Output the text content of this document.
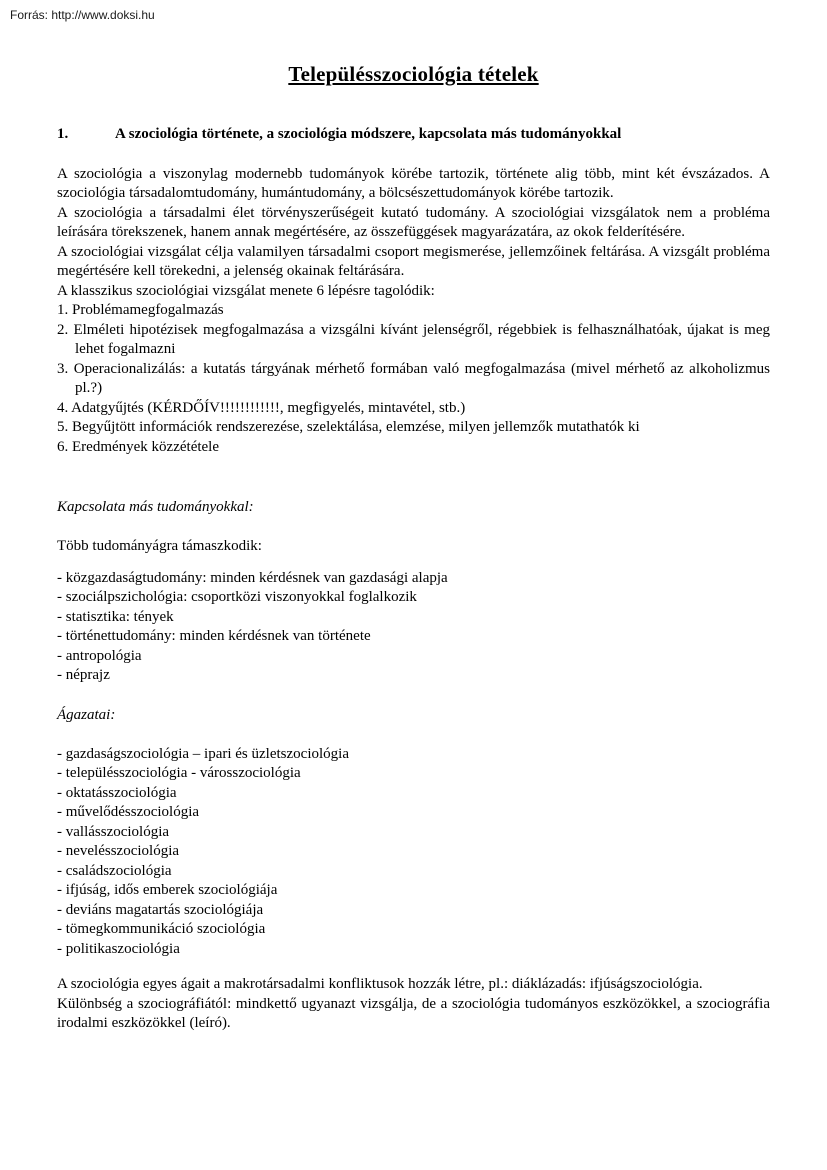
Forrás: http://www.doksi.hu
Településszociológia tételek
1.	A szociológia története, a szociológia módszere, kapcsolata más tudományokkal

A szociológia a viszonylag modernebb tudományok körébe tartozik, története alig több, mint két évszázados. A szociológia társadalomtudomány, humántudomány, a bölcsészettudományok körébe tartozik.

A szociológia a társadalmi élet törvényszerűségeit kutató tudomány. A szociológiai vizsgálatok nem a probléma leírására törekszenek, hanem annak megértésére, az összefüggések magyarázatára, az okok felderítésére.

A szociológiai vizsgálat célja valamilyen társadalmi csoport megismerése, jellemzőinek feltárása. A vizsgált probléma megértésére kell törekedni, a jelenség okainak feltárására.

A klasszikus szociológiai vizsgálat menete 6 lépésre tagolódik:

1. Problémamegfogalmazás
2. Elméleti hipotézisek megfogalmazása a vizsgálni kívánt jelenségről, régebbiek is felhasználhatóak, újakat is meg lehet fogalmazni
3. Operacionalizálás: a kutatás tárgyának mérhető formában való megfogalmazása (mivel mérhető az alkoholizmus pl.?)
4. Adatgyűjtés (KÉRDŐÍV!!!!!!!!!!!!, megfigyelés, mintavétel, stb.)
5. Begyűjtött információk rendszerezése, szelektálása, elemzése, milyen jellemzők mutathatók ki
6. Eredmények közzététele

Kapcsolata más tudományokkal:

Több tudományágra támaszkodik:

- közgazdaságtudomány: minden kérdésnek van gazdasági alapja
- szociálpszichológia: csoportközi viszonyokkal foglalkozik
- statisztika: tények
- történettudomány: minden kérdésnek van története
- antropológia
- néprajz

Ágazatai:

- gazdaságszociológia – ipari és üzletszociológia
- településszociológia - városszociológia
- oktatásszociológia
- művelődésszociológia
- vallásszociológia
- nevelésszociológia
- családszociológia
- ifjúság, idős emberek szociológiája
- deviáns magatartás szociológiája
- tömegkommunikáció szociológia
- politikaszociológia

A szociológia egyes ágait a makrotársadalmi konfliktusok hozzák létre, pl.: diáklázadás: ifjúságszociológia.

Különbség a szociográfiától: mindkettő ugyanazt vizsgálja, de a szociológia tudományos eszközökkel, a szociográfia irodalmi eszközökkel (leíró).
